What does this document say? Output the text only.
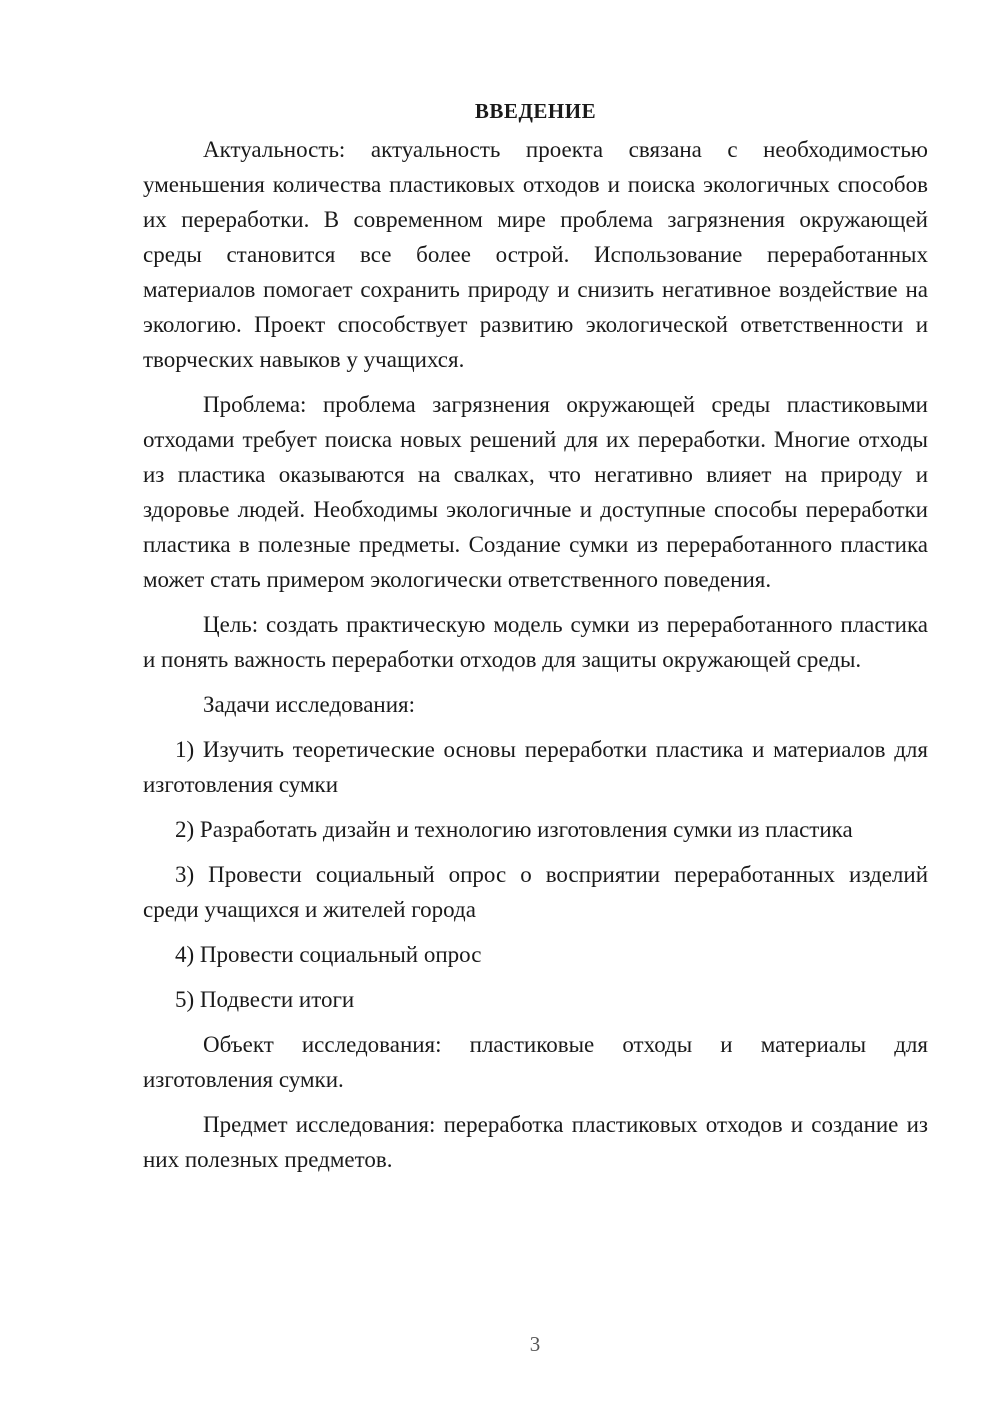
ВВЕДЕНИЕ

Актуальность: актуальность проекта связана с необходимостью уменьшения количества пластиковых отходов и поиска экологичных способов их переработки. В современном мире проблема загрязнения окружающей среды становится все более острой. Использование переработанных материалов помогает сохранить природу и снизить негативное воздействие на экологию. Проект способствует развитию экологической ответственности и творческих навыков у учащихся.

Проблема: проблема загрязнения окружающей среды пластиковыми отходами требует поиска новых решений для их переработки. Многие отходы из пластика оказываются на свалках, что негативно влияет на природу и здоровье людей. Необходимы экологичные и доступные способы переработки пластика в полезные предметы. Создание сумки из переработанного пластика может стать примером экологически ответственного поведения.

Цель: создать практическую модель сумки из переработанного пластика и понять важность переработки отходов для защиты окружающей среды.

Задачи исследования:

1) Изучить теоретические основы переработки пластика и материалов для изготовления сумки

2) Разработать дизайн и технологию изготовления сумки из пластика

3) Провести социальный опрос о восприятии переработанных изделий среди учащихся и жителей города

4) Провести социальный опрос

5) Подвести итоги

Объект исследования: пластиковые отходы и материалы для изготовления сумки.

Предмет исследования: переработка пластиковых отходов и создание из них полезных предметов.

3
